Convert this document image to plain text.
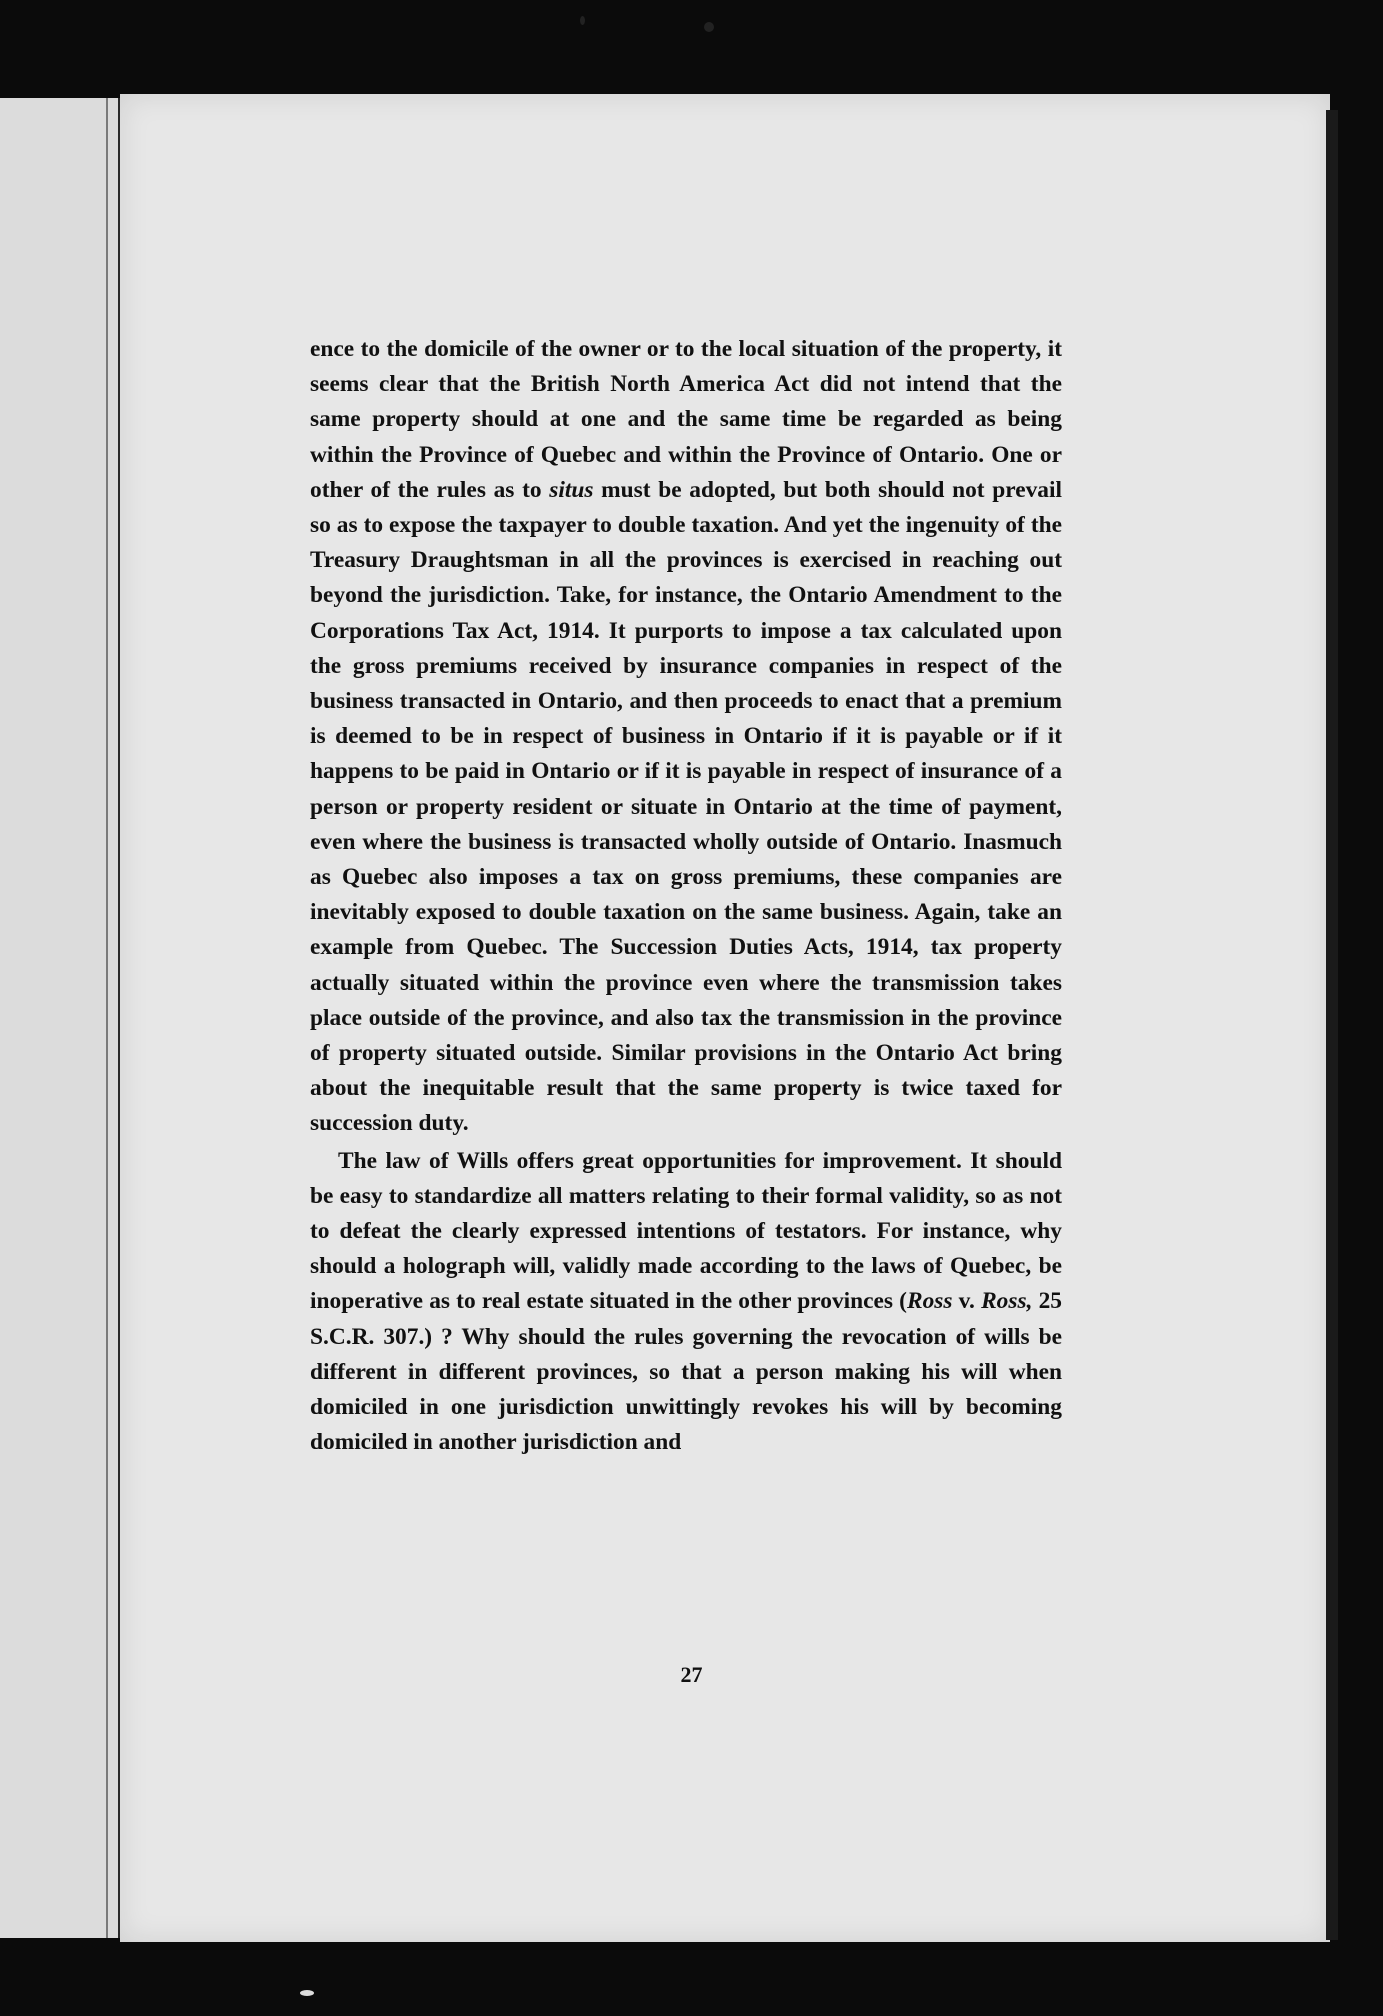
ence to the domicile of the owner or to the local situation of the property, it seems clear that the British North America Act did not intend that the same property should at one and the same time be regarded as being within the Province of Quebec and within the Province of Ontario. One or other of the rules as to situs must be adopted, but both should not prevail so as to expose the taxpayer to double taxation. And yet the ingenuity of the Treasury Draughtsman in all the provinces is exercised in reaching out beyond the jurisdiction. Take, for instance, the Ontario Amendment to the Corporations Tax Act, 1914. It purports to impose a tax calculated upon the gross premiums received by insurance companies in respect of the business transacted in Ontario, and then proceeds to enact that a premium is deemed to be in respect of business in Ontario if it is payable or if it happens to be paid in Ontario or if it is payable in respect of insurance of a person or property resident or situate in Ontario at the time of payment, even where the business is transacted wholly outside of Ontario. Inasmuch as Quebec also imposes a tax on gross premiums, these companies are inevitably exposed to double taxation on the same business. Again, take an example from Quebec. The Succession Duties Acts, 1914, tax property actually situated within the province even where the transmission takes place outside of the province, and also tax the transmission in the province of property situated outside. Similar provisions in the Ontario Act bring about the inequitable result that the same property is twice taxed for succession duty.

The law of Wills offers great opportunities for improvement. It should be easy to standardize all matters relating to their formal validity, so as not to defeat the clearly expressed intentions of testators. For instance, why should a holograph will, validly made according to the laws of Quebec, be inoperative as to real estate situated in the other provinces (Ross v. Ross, 25 S.C.R. 307.) ? Why should the rules governing the revocation of wills be different in different provinces, so that a person making his will when domiciled in one jurisdiction unwittingly revokes his will by becoming domiciled in another jurisdiction and

27
